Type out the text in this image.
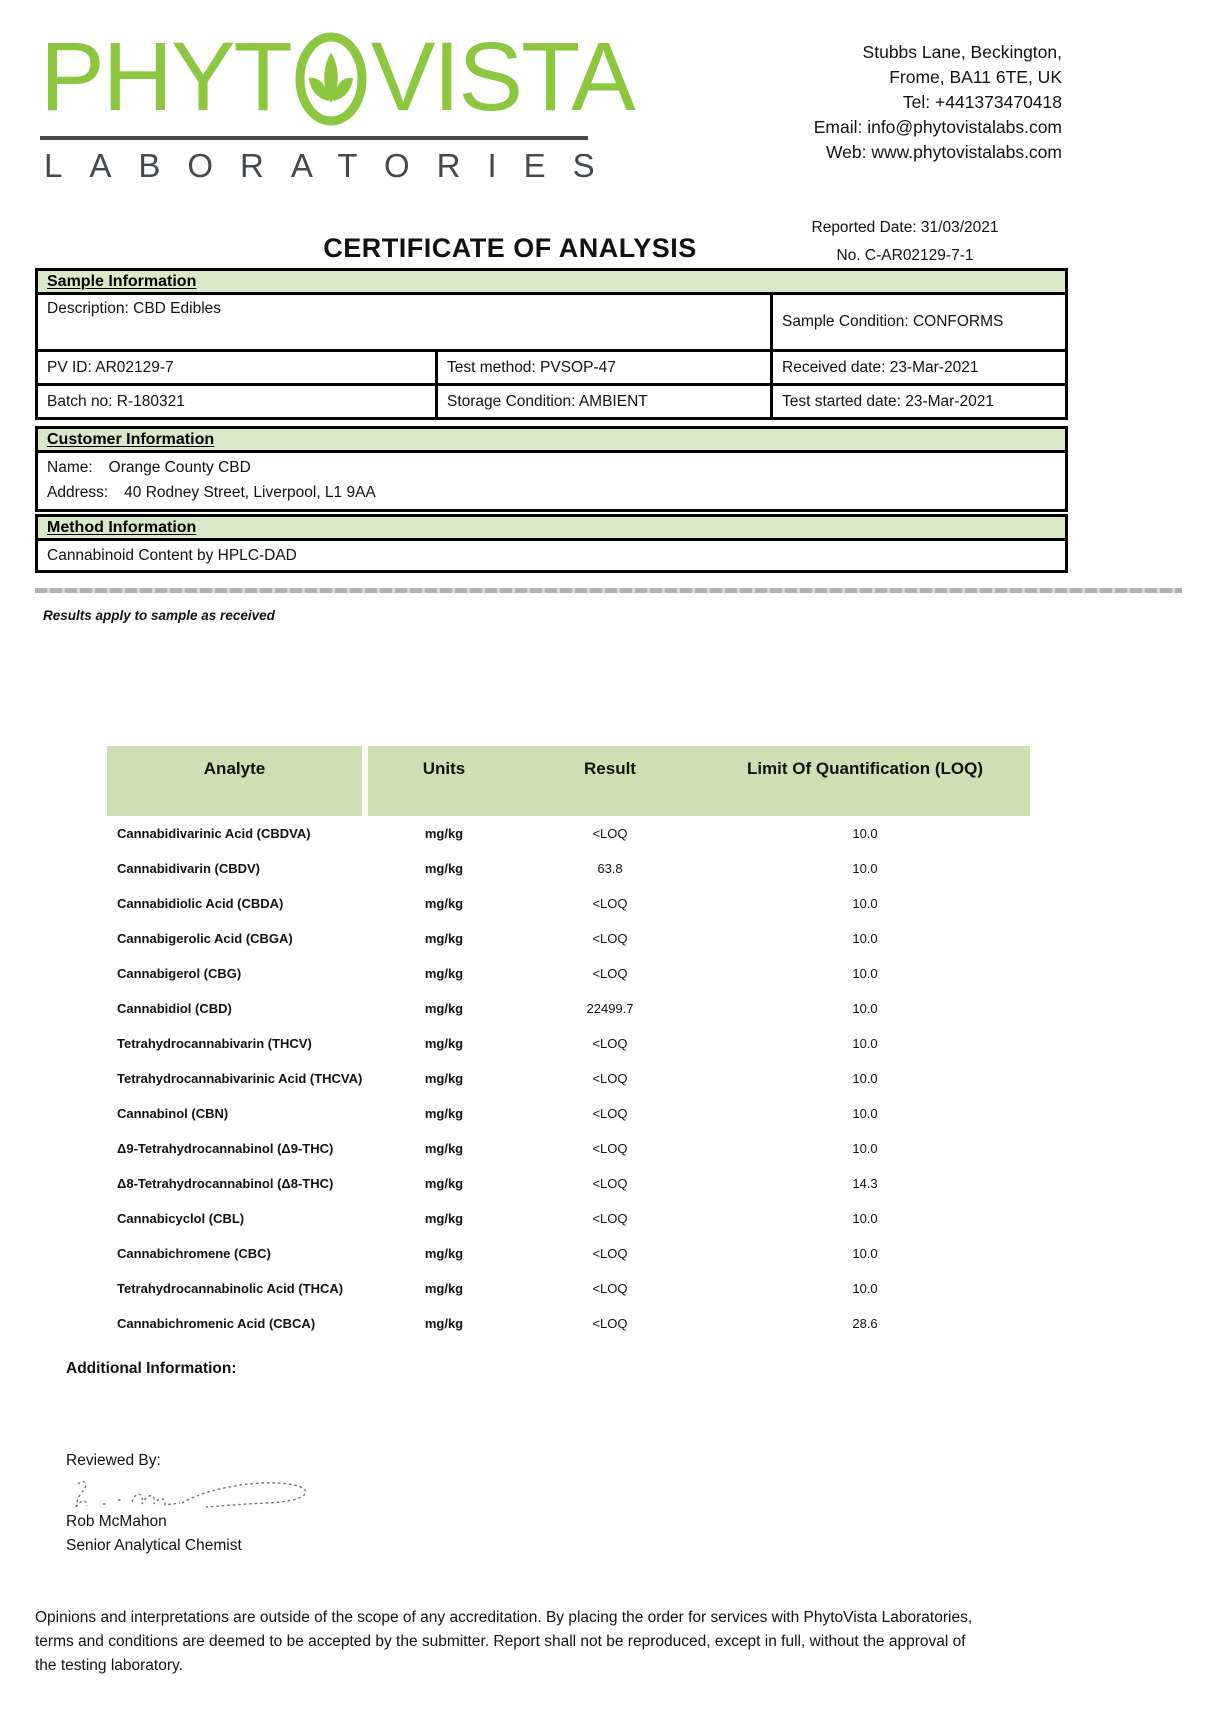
PHYT VISTA
LABORATORIES
Stubbs Lane, Beckington,
Frome, BA11 6TE, UK
Tel: +441373470418
Email: info@phytovistalabs.com
Web: www.phytovistalabs.com
Reported Date: 31/03/2021
No. C-AR02129-7-1
CERTIFICATE OF ANALYSIS
Sample Information
Description: CBD Edibles
Sample Condition: CONFORMS
PV ID: AR02129-7	Test method: PVSOP-47	Received date: 23-Mar-2021
Batch no: R-180321	Storage Condition: AMBIENT	Test started date: 23-Mar-2021
Customer Information
Name: Orange County CBD
Address: 40 Rodney Street, Liverpool, L1 9AA
Method Information
Cannabinoid Content by HPLC-DAD
Results apply to sample as received
Analyte	Units	Result	Limit Of Quantification (LOQ)
Cannabidivarinic Acid (CBDVA)	mg/kg	<LOQ	10.0
Cannabidivarin (CBDV)	mg/kg	63.8	10.0
Cannabidiolic Acid (CBDA)	mg/kg	<LOQ	10.0
Cannabigerolic Acid (CBGA)	mg/kg	<LOQ	10.0
Cannabigerol (CBG)	mg/kg	<LOQ	10.0
Cannabidiol (CBD)	mg/kg	22499.7	10.0
Tetrahydrocannabivarin (THCV)	mg/kg	<LOQ	10.0
Tetrahydrocannabivarinic Acid (THCVA)	mg/kg	<LOQ	10.0
Cannabinol (CBN)	mg/kg	<LOQ	10.0
Δ9-Tetrahydrocannabinol (Δ9-THC)	mg/kg	<LOQ	10.0
Δ8-Tetrahydrocannabinol (Δ8-THC)	mg/kg	<LOQ	14.3
Cannabicyclol (CBL)	mg/kg	<LOQ	10.0
Cannabichromene (CBC)	mg/kg	<LOQ	10.0
Tetrahydrocannabinolic Acid (THCA)	mg/kg	<LOQ	10.0
Cannabichromenic Acid (CBCA)	mg/kg	<LOQ	28.6
Additional Information:
Reviewed By:
Rob McMahon
Senior Analytical Chemist
Opinions and interpretations are outside of the scope of any accreditation. By placing the order for services with PhytoVista Laboratories,
terms and conditions are deemed to be accepted by the submitter. Report shall not be reproduced, except in full, without the approval of
the testing laboratory.
